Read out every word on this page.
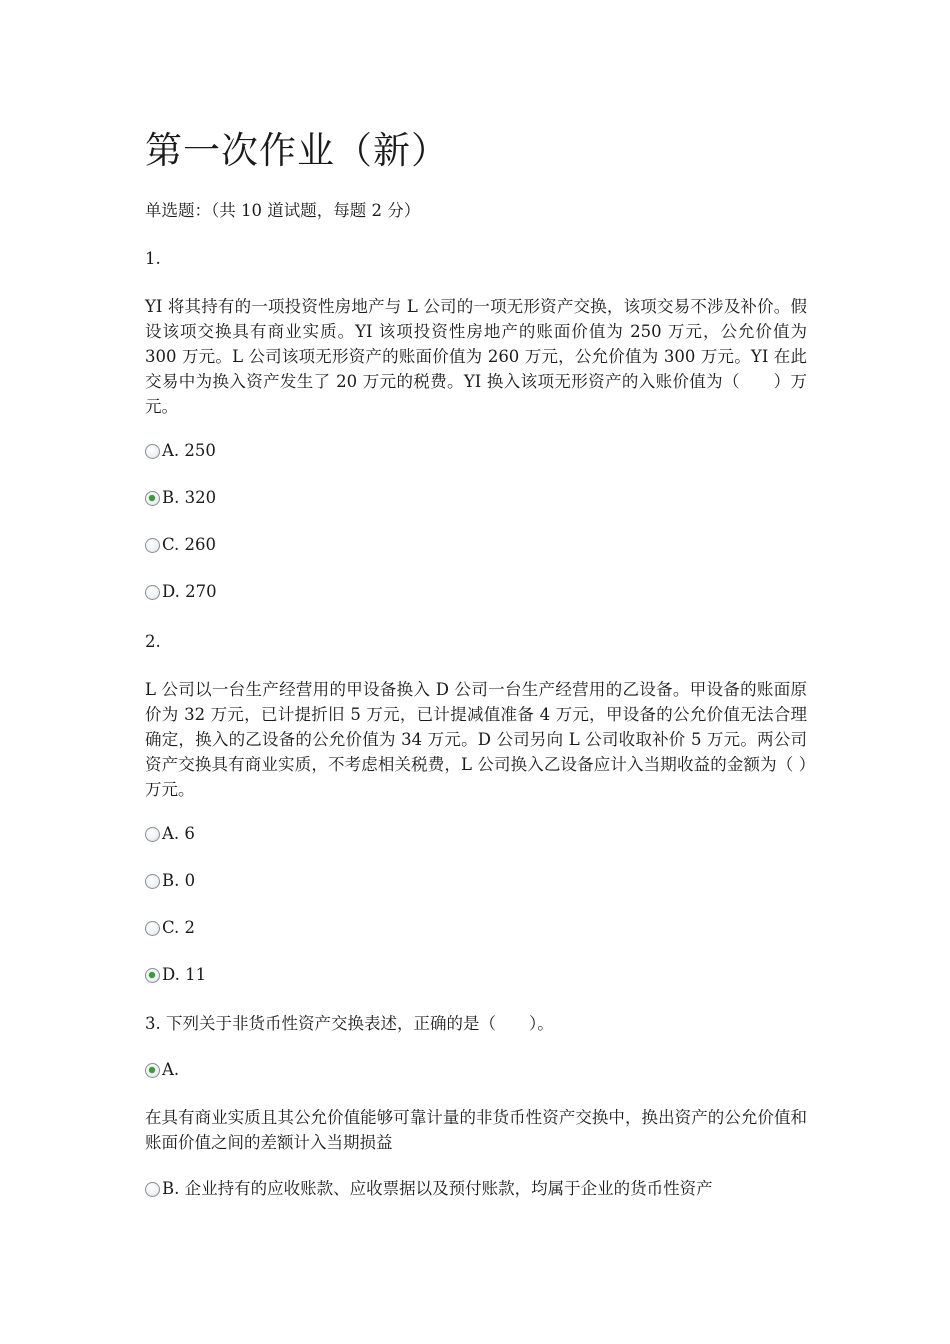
第一次作业（新）
单选题：（共 10 道试题，每题 2 分）
1.
YI 将其持有的一项投资性房地产与 L 公司的一项无形资产交换，该项交易不涉及补价。假设该项交换具有商业实质。YI 该项投资性房地产的账面价值为 250 万元，公允价值为 300 万元。L 公司该项无形资产的账面价值为 260 万元，公允价值为 300 万元。YI 在此交易中为换入资产发生了 20 万元的税费。YI 换入该项无形资产的入账价值为（　　）万元。
A. 250
B. 320
C. 260
D. 270
2.
L 公司以一台生产经营用的甲设备换入 D 公司一台生产经营用的乙设备。甲设备的账面原价为 32 万元，已计提折旧 5 万元，已计提减值准备 4 万元，甲设备的公允价值无法合理确定，换入的乙设备的公允价值为 34 万元。D 公司另向 L 公司收取补价 5 万元。两公司资产交换具有商业实质，不考虑相关税费，L 公司换入乙设备应计入当期收益的金额为（ ）万元。
A. 6
B. 0
C. 2
D. 11
3. 下列关于非货币性资产交换表述，正确的是（　　）。
A.
在具有商业实质且其公允价值能够可靠计量的非货币性资产交换中，换出资产的公允价值和账面价值之间的差额计入当期损益
B. 企业持有的应收账款、应收票据以及预付账款，均属于企业的货币性资产
